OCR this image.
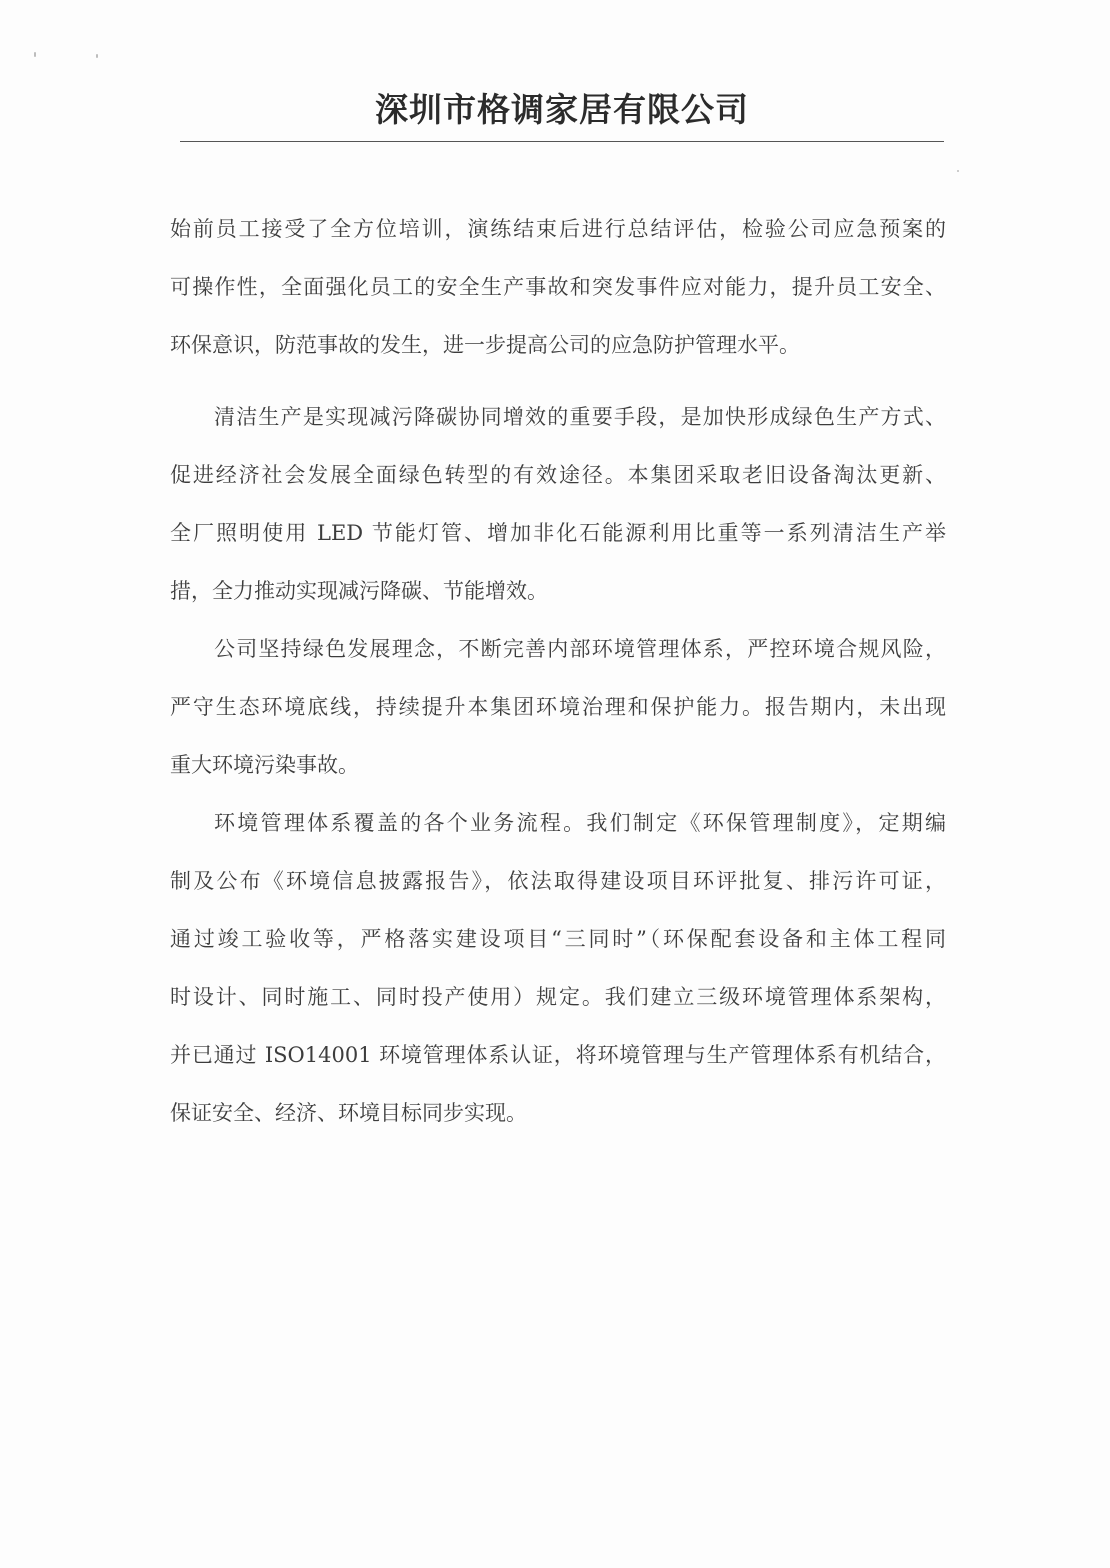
深圳市格调家居有限公司
始前员工接受了全方位培训，演练结束后进行总结评估，检验公司应急预案的
可操作性，全面强化员工的安全生产事故和突发事件应对能力，提升员工安全、
环保意识，防范事故的发生，进一步提高公司的应急防护管理水平。
清洁生产是实现减污降碳协同增效的重要手段，是加快形成绿色生产方式、
促进经济社会发展全面绿色转型的有效途径。本集团采取老旧设备淘汰更新、
全厂照明使用 LED 节能灯管、增加非化石能源利用比重等一系列清洁生产举
措，全力推动实现减污降碳、节能增效。
公司坚持绿色发展理念，不断完善内部环境管理体系，严控环境合规风险，
严守生态环境底线，持续提升本集团环境治理和保护能力。报告期内，未出现
重大环境污染事故。
环境管理体系覆盖的各个业务流程。我们制定《环保管理制度》，定期编
制及公布《环境信息披露报告》，依法取得建设项目环评批复、排污许可证，
通过竣工验收等，严格落实建设项目“三同时”（环保配套设备和主体工程同
时设计、同时施工、同时投产使用）规定。我们建立三级环境管理体系架构，
并已通过 ISO14001 环境管理体系认证，将环境管理与生产管理体系有机结合，
保证安全、经济、环境目标同步实现。
